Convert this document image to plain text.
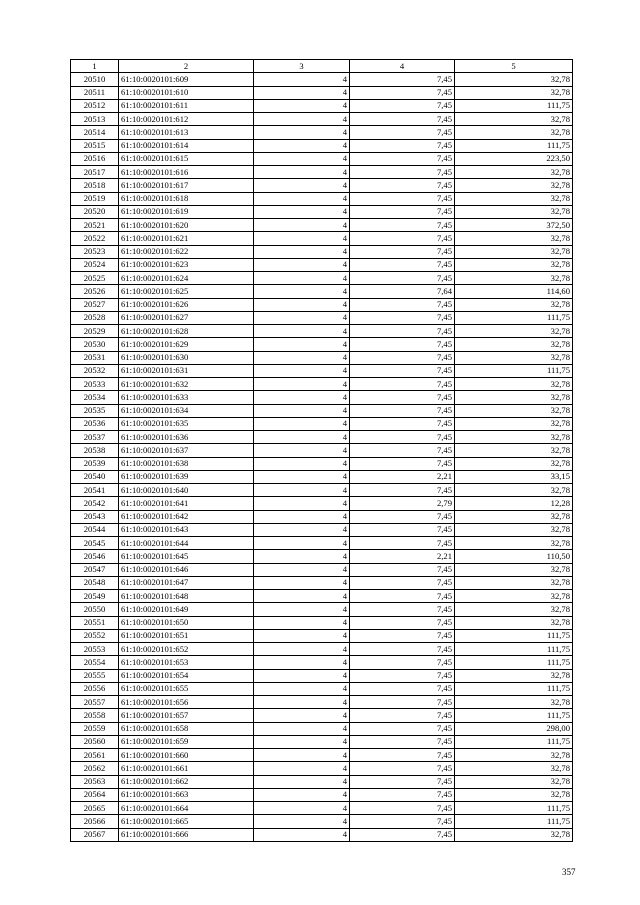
1	2	3	4	5
20510	61:10:0020101:609	4	7,45	32,78
20511	61:10:0020101:610	4	7,45	32,78
20512	61:10:0020101:611	4	7,45	111,75
20513	61:10:0020101:612	4	7,45	32,78
20514	61:10:0020101:613	4	7,45	32,78
20515	61:10:0020101:614	4	7,45	111,75
20516	61:10:0020101:615	4	7,45	223,50
20517	61:10:0020101:616	4	7,45	32,78
20518	61:10:0020101:617	4	7,45	32,78
20519	61:10:0020101:618	4	7,45	32,78
20520	61:10:0020101:619	4	7,45	32,78
20521	61:10:0020101:620	4	7,45	372,50
20522	61:10:0020101:621	4	7,45	32,78
20523	61:10:0020101:622	4	7,45	32,78
20524	61:10:0020101:623	4	7,45	32,78
20525	61:10:0020101:624	4	7,45	32,78
20526	61:10:0020101:625	4	7,64	114,60
20527	61:10:0020101:626	4	7,45	32,78
20528	61:10:0020101:627	4	7,45	111,75
20529	61:10:0020101:628	4	7,45	32,78
20530	61:10:0020101:629	4	7,45	32,78
20531	61:10:0020101:630	4	7,45	32,78
20532	61:10:0020101:631	4	7,45	111,75
20533	61:10:0020101:632	4	7,45	32,78
20534	61:10:0020101:633	4	7,45	32,78
20535	61:10:0020101:634	4	7,45	32,78
20536	61:10:0020101:635	4	7,45	32,78
20537	61:10:0020101:636	4	7,45	32,78
20538	61:10:0020101:637	4	7,45	32,78
20539	61:10:0020101:638	4	7,45	32,78
20540	61:10:0020101:639	4	2,21	33,15
20541	61:10:0020101:640	4	7,45	32,78
20542	61:10:0020101:641	4	2,79	12,28
20543	61:10:0020101:642	4	7,45	32,78
20544	61:10:0020101:643	4	7,45	32,78
20545	61:10:0020101:644	4	7,45	32,78
20546	61:10:0020101:645	4	2,21	110,50
20547	61:10:0020101:646	4	7,45	32,78
20548	61:10:0020101:647	4	7,45	32,78
20549	61:10:0020101:648	4	7,45	32,78
20550	61:10:0020101:649	4	7,45	32,78
20551	61:10:0020101:650	4	7,45	32,78
20552	61:10:0020101:651	4	7,45	111,75
20553	61:10:0020101:652	4	7,45	111,75
20554	61:10:0020101:653	4	7,45	111,75
20555	61:10:0020101:654	4	7,45	32,78
20556	61:10:0020101:655	4	7,45	111,75
20557	61:10:0020101:656	4	7,45	32,78
20558	61:10:0020101:657	4	7,45	111,75
20559	61:10:0020101:658	4	7,45	298,00
20560	61:10:0020101:659	4	7,45	111,75
20561	61:10:0020101:660	4	7,45	32,78
20562	61:10:0020101:661	4	7,45	32,78
20563	61:10:0020101:662	4	7,45	32,78
20564	61:10:0020101:663	4	7,45	32,78
20565	61:10:0020101:664	4	7,45	111,75
20566	61:10:0020101:665	4	7,45	111,75
20567	61:10:0020101:666	4	7,45	32,78
357
